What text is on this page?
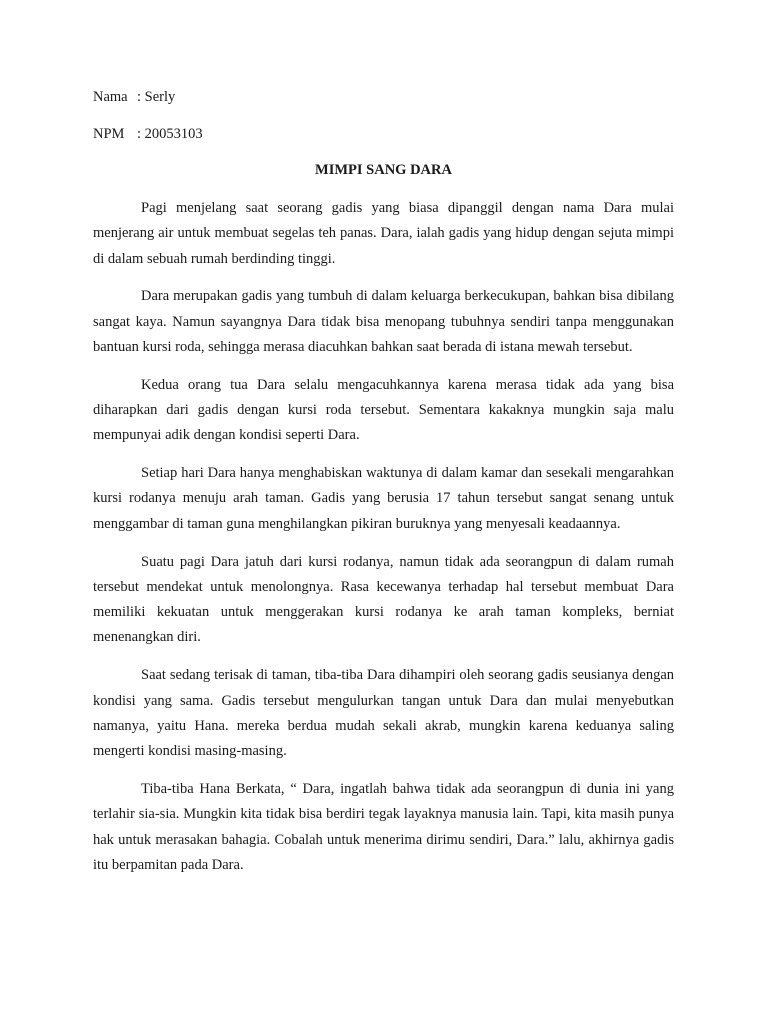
Nama : Serly
NPM : 20053103
MIMPI SANG DARA

Pagi menjelang saat seorang gadis yang biasa dipanggil dengan nama Dara mulai menjerang air untuk membuat segelas teh panas. Dara, ialah gadis yang hidup dengan sejuta mimpi di dalam sebuah rumah berdinding tinggi.

Dara merupakan gadis yang tumbuh di dalam keluarga berkecukupan, bahkan bisa dibilang sangat kaya. Namun sayangnya Dara tidak bisa menopang tubuhnya sendiri tanpa menggunakan bantuan kursi roda, sehingga merasa diacuhkan bahkan saat berada di istana mewah tersebut.

Kedua orang tua Dara selalu mengacuhkannya karena merasa tidak ada yang bisa diharapkan dari gadis dengan kursi roda tersebut. Sementara kakaknya mungkin saja malu mempunyai adik dengan kondisi seperti Dara.

Setiap hari Dara hanya menghabiskan waktunya di dalam kamar dan sesekali mengarahkan kursi rodanya menuju arah taman. Gadis yang berusia 17 tahun tersebut sangat senang untuk menggambar di taman guna menghilangkan pikiran buruknya yang menyesali keadaannya.

Suatu pagi Dara jatuh dari kursi rodanya, namun tidak ada seorangpun di dalam rumah tersebut mendekat untuk menolongnya. Rasa kecewanya terhadap hal tersebut membuat Dara memiliki kekuatan untuk menggerakan kursi rodanya ke arah taman kompleks, berniat menenangkan diri.

Saat sedang terisak di taman, tiba-tiba Dara dihampiri oleh seorang gadis seusianya dengan kondisi yang sama. Gadis tersebut mengulurkan tangan untuk Dara dan mulai menyebutkan namanya, yaitu Hana. mereka berdua mudah sekali akrab, mungkin karena keduanya saling mengerti kondisi masing-masing.

Tiba-tiba Hana Berkata, “ Dara, ingatlah bahwa tidak ada seorangpun di dunia ini yang terlahir sia-sia. Mungkin kita tidak bisa berdiri tegak layaknya manusia lain. Tapi, kita masih punya hak untuk merasakan bahagia. Cobalah untuk menerima dirimu sendiri, Dara.” lalu, akhirnya gadis itu berpamitan pada Dara.
